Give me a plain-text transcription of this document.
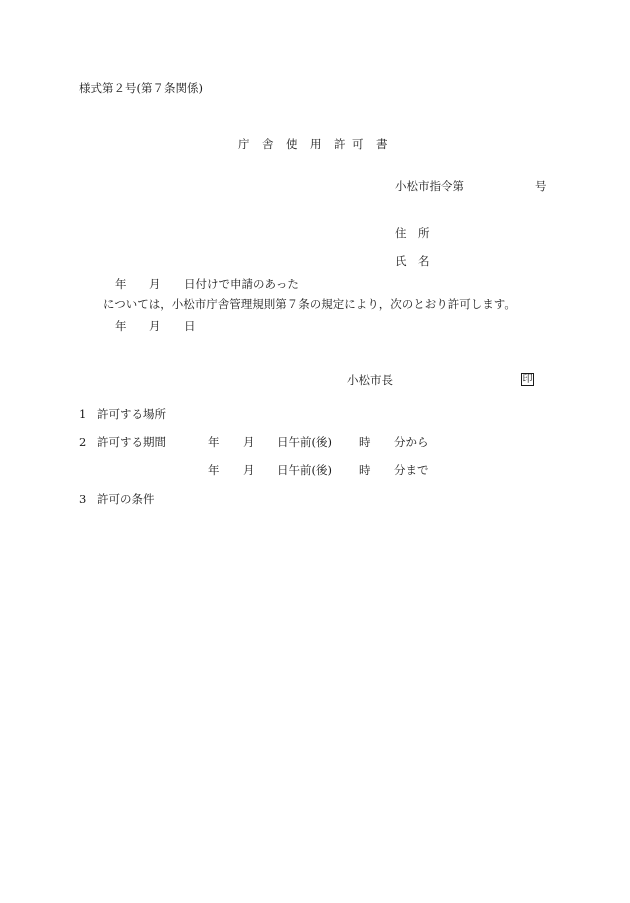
様式第２号(第７条関係)
庁 舎 使 用 許 可 書
小松市指令第	号
住　所
氏　名
年 月 日付けで申請のあった
については，小松市庁舎管理規則第７条の規定により，次のとおり許可します。
年 月 日
小松市長	印
1 許可する場所
2 許可する期間	年 月 日午前(後) 時 分から
年 月 日午前(後) 時 分まで
3 許可の条件
